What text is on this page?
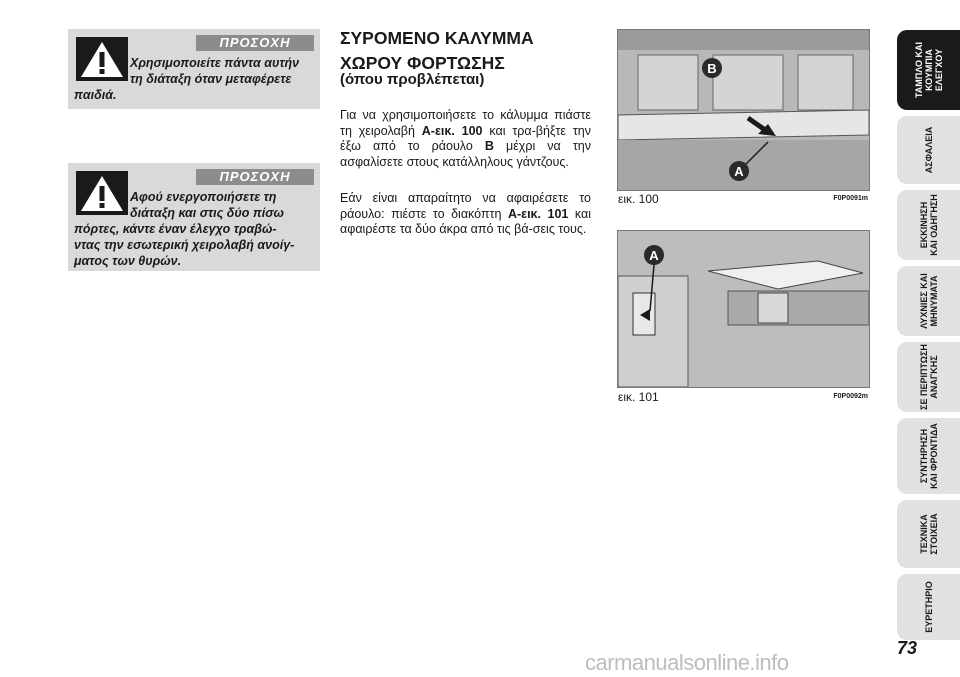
ΠΡΟΣΟΧΗ
Χρησιμοποιείτε πάντα αυτήν
τη διάταξη όταν μεταφέρετε
παιδιά.
ΠΡΟΣΟΧΗ
Αφού ενεργοποιήσετε τη
διάταξη και στις δύο πίσω
πόρτες, κάντε έναν έλεγχο τραβώ-
ντας την εσωτερική χειρολαβή ανοίγ-
ματος των θυρών.
ΣΥΡΟΜΕΝΟ ΚΑΛΥΜΜΑ
ΧΩΡΟΥ ΦΟΡΤΩΣΗΣ
(όπου προβλέπεται)
Για να χρησιμοποιήσετε το κάλυμμα πιάστε τη χειρολαβή A-εικ. 100 και τρα-βήξτε την έξω από το ράουλο B μέχρι να την ασφαλίσετε στους κατάλληλους γάντζους.
Εάν είναι απαραίτητο να αφαιρέσετε το ράουλο: πιέστε το διακόπτη A-εικ. 101 και αφαιρέστε τα δύο άκρα από τις βά-σεις τους.
B
A
εικ. 100	F0P0091m
A
εικ. 101	F0P0092m
ΤΑΜΠΛΟ ΚΑΙ
ΚΟΥΜΠΙΑ
ΕΛΕΓΧΟΥ
ΑΣΦΑΛΕΙΑ
ΕΚΚΙΝΗΣΗ
ΚΑΙ ΟΔΗΓΗΣΗ
ΛΥΧΝΙΕΣ ΚΑΙ
ΜΗΝΥΜΑΤΑ
ΣΕ ΠΕΡΙΠΤΩΣΗ
ΑΝΑΓΚΗΣ
ΣΥΝΤΗΡΗΣΗ
ΚΑΙ ΦΡΟΝΤΙΔΑ
ΤΕΧΝΙΚΑ
ΣΤΟΙΧΕΙΑ
ΕΥΡΕΤΗΡΙΟ
73
carmanualsonline.info
